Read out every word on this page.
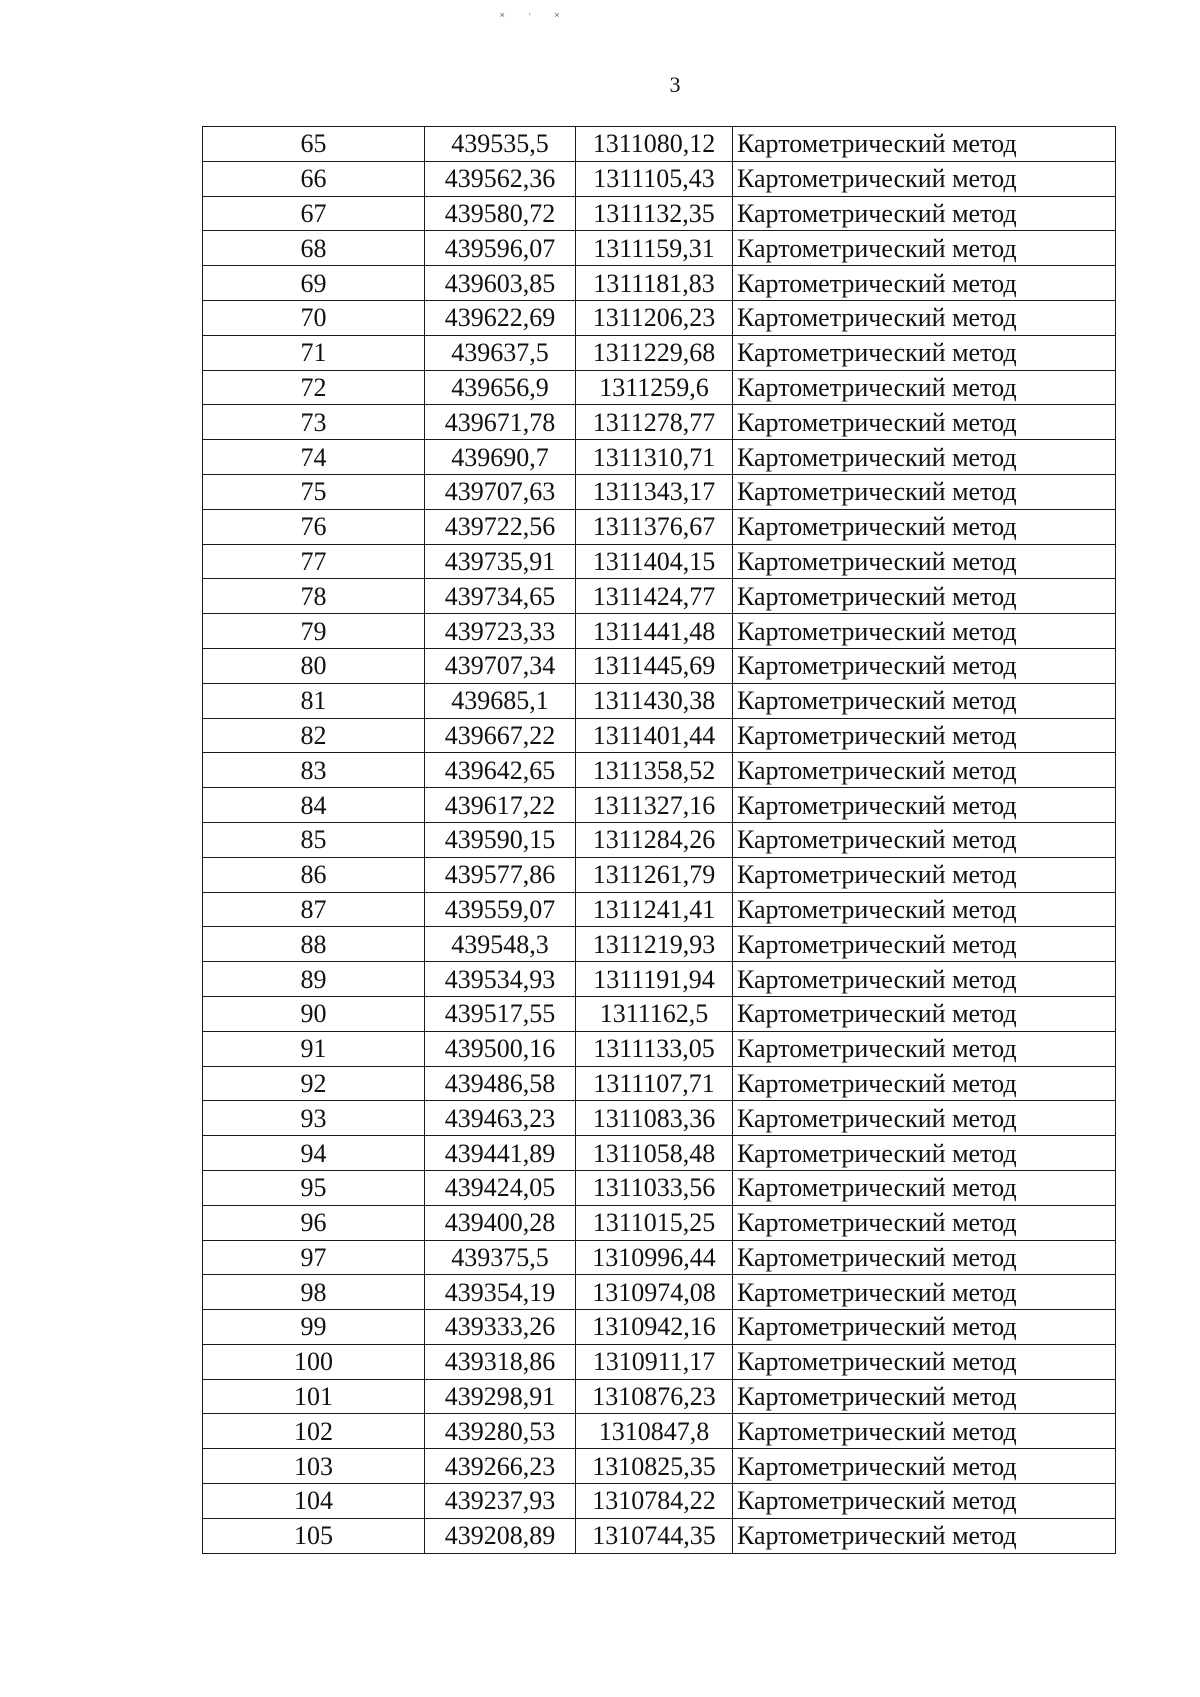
˟ ˙ ˟
3
65	439535,5	1311080,12	Картометрический метод
66	439562,36	1311105,43	Картометрический метод
67	439580,72	1311132,35	Картометрический метод
68	439596,07	1311159,31	Картометрический метод
69	439603,85	1311181,83	Картометрический метод
70	439622,69	1311206,23	Картометрический метод
71	439637,5	1311229,68	Картометрический метод
72	439656,9	1311259,6	Картометрический метод
73	439671,78	1311278,77	Картометрический метод
74	439690,7	1311310,71	Картометрический метод
75	439707,63	1311343,17	Картометрический метод
76	439722,56	1311376,67	Картометрический метод
77	439735,91	1311404,15	Картометрический метод
78	439734,65	1311424,77	Картометрический метод
79	439723,33	1311441,48	Картометрический метод
80	439707,34	1311445,69	Картометрический метод
81	439685,1	1311430,38	Картометрический метод
82	439667,22	1311401,44	Картометрический метод
83	439642,65	1311358,52	Картометрический метод
84	439617,22	1311327,16	Картометрический метод
85	439590,15	1311284,26	Картометрический метод
86	439577,86	1311261,79	Картометрический метод
87	439559,07	1311241,41	Картометрический метод
88	439548,3	1311219,93	Картометрический метод
89	439534,93	1311191,94	Картометрический метод
90	439517,55	1311162,5	Картометрический метод
91	439500,16	1311133,05	Картометрический метод
92	439486,58	1311107,71	Картометрический метод
93	439463,23	1311083,36	Картометрический метод
94	439441,89	1311058,48	Картометрический метод
95	439424,05	1311033,56	Картометрический метод
96	439400,28	1311015,25	Картометрический метод
97	439375,5	1310996,44	Картометрический метод
98	439354,19	1310974,08	Картометрический метод
99	439333,26	1310942,16	Картометрический метод
100	439318,86	1310911,17	Картометрический метод
101	439298,91	1310876,23	Картометрический метод
102	439280,53	1310847,8	Картометрический метод
103	439266,23	1310825,35	Картометрический метод
104	439237,93	1310784,22	Картометрический метод
105	439208,89	1310744,35	Картометрический метод
